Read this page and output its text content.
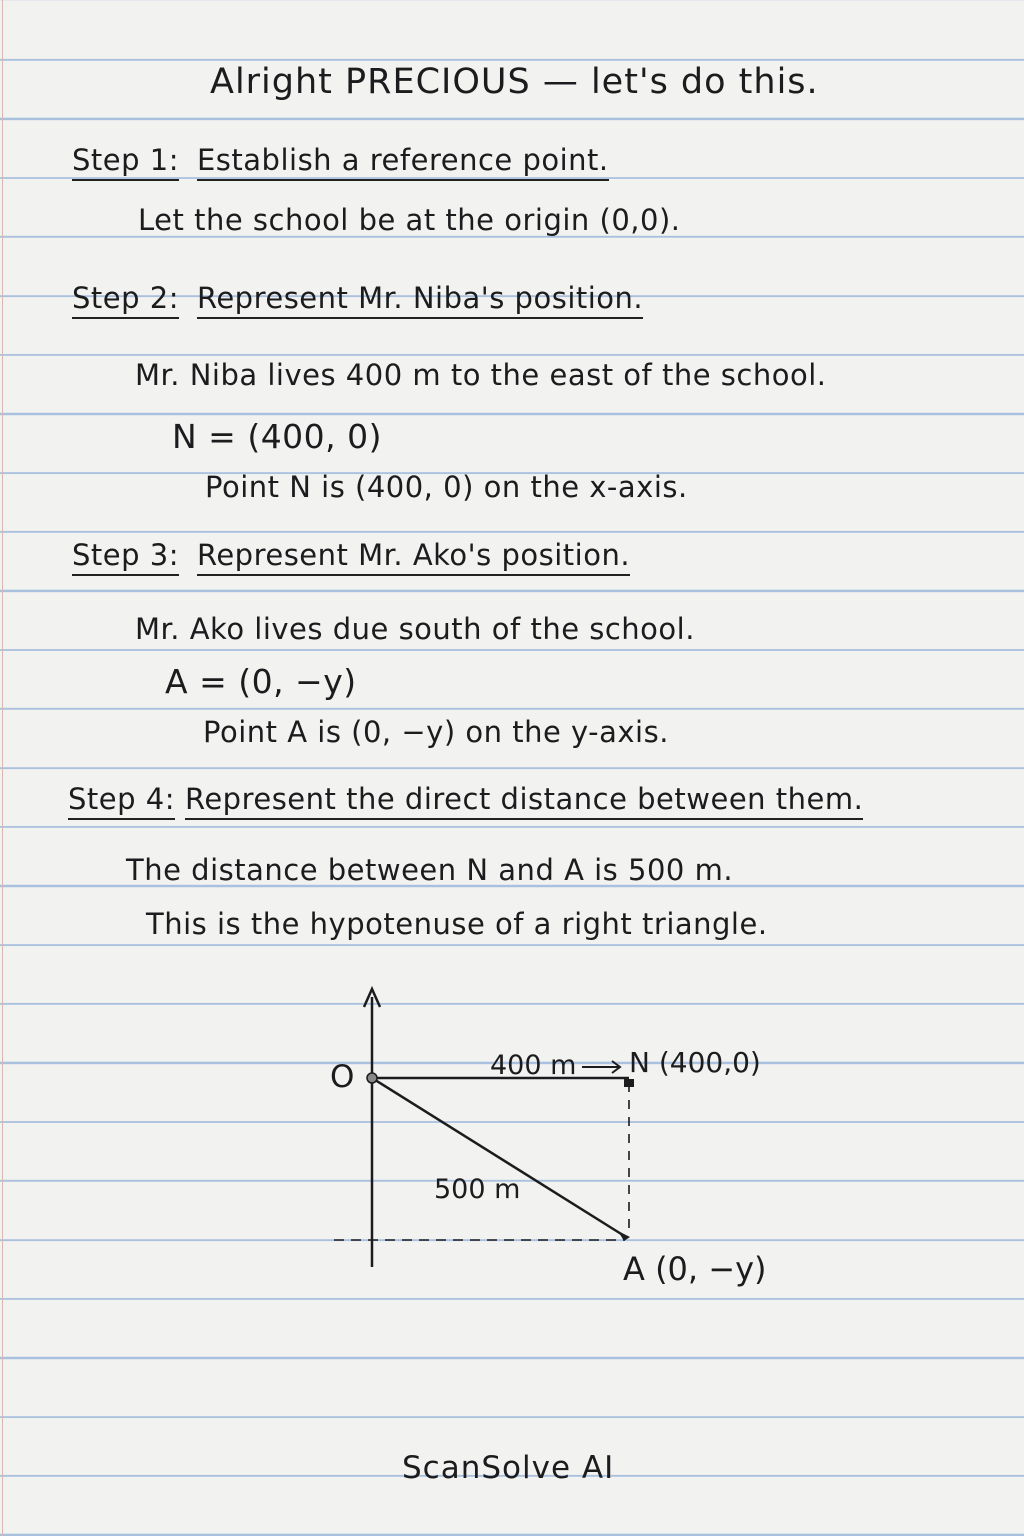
Alright PRECIOUS — let's do this.
Step 1: Establish a reference point.
Let the school be at the origin (0,0).
Step 2: Represent Mr. Niba's position.
Mr. Niba lives 400 m to the east of the school.
N = (400, 0)
Point N is (400, 0) on the x-axis.
Step 3: Represent Mr. Ako's position.
Mr. Ako lives due south of the school.
A = (0, −y)
Point A is (0, −y) on the y-axis.
Step 4: Represent the direct distance between them.
The distance between N and A is 500 m.
This is the hypotenuse of a right triangle.
O	400 m N (400,0)
500 m
A (0, −y)
ScanSolve AI
